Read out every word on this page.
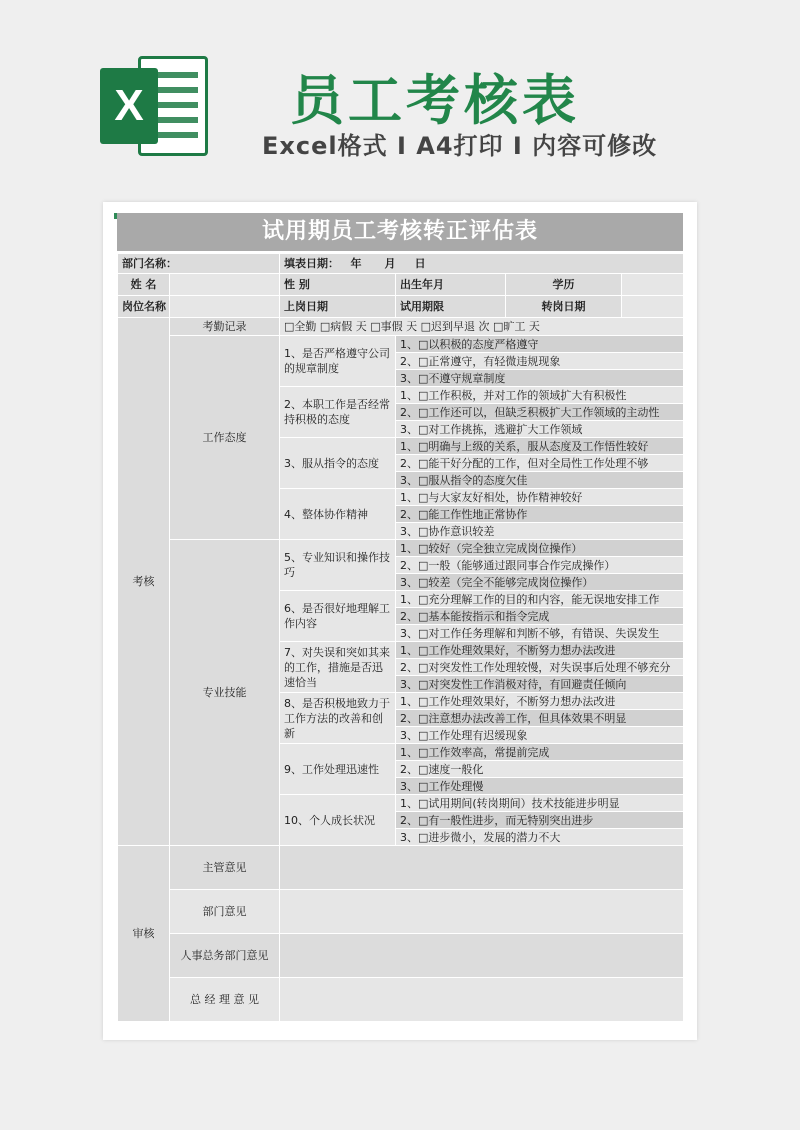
X	员工考核表
Excel格式 Ⅰ A4打印 Ⅰ 内容可修改
试用期员工考核转正评估表
部门名称：		填表日期： 年 月 日			
姓 名		性 别	出生年月	学历	
岗位名称		上岗日期	试用期限	转岗日期	
考核	考勤记录	□全勤 □病假 天 □事假 天 □迟到早退 次 □旷工 天			
	工作态度	1、是否严格遵守公司的规章制度	1、□以积极的态度严格遵守		
			2、□正常遵守，有轻微违规现象		
			3、□不遵守规章制度		
		2、本职工作是否经常持积极的态度	1、□工作积极，并对工作的领域扩大有积极性		
			2、□工作还可以，但缺乏积极扩大工作领域的主动性		
			3、□对工作挑拣，逃避扩大工作领域		
		3、服从指令的态度	1、□明确与上级的关系，服从态度及工作悟性较好		
			2、□能干好分配的工作，但对全局性工作处理不够		
			3、□服从指令的态度欠佳		
		4、整体协作精神	1、□与大家友好相处，协作精神较好		
			2、□能工作性地正常协作		
			3、□协作意识较差		
	专业技能	5、专业知识和操作技巧	1、□较好（完全独立完成岗位操作）		
			2、□一般（能够通过跟同事合作完成操作）		
			3、□较差（完全不能够完成岗位操作）		
		6、是否很好地理解工作内容	1、□充分理解工作的目的和内容，能无误地安排工作		
			2、□基本能按指示和指令完成		
			3、□对工作任务理解和判断不够，有错误、失误发生		
		7、对失误和突如其来的工作，措施是否迅速恰当	1、□工作处理效果好，不断努力想办法改进		
			2、□对突发性工作处理较慢，对失误事后处理不够充分		
			3、□对突发性工作消极对待，有回避责任倾向		
		8、是否积极地致力于工作方法的改善和创新	1、□工作处理效果好，不断努力想办法改进		
			2、□注意想办法改善工作，但具体效果不明显		
			3、□工作处理有迟缓现象		
		9、工作处理迅速性	1、□工作效率高，常提前完成		
			2、□速度一般化		
			3、□工作处理慢		
		10、个人成长状况	1、□试用期间(转岗期间）技术技能进步明显		
			2、□有一般性进步，而无特别突出进步		
			3、□进步微小，发展的潜力不大		
审核	主管意见				
	部门意见				
	人事总务部门意见				
	总 经 理 意 见				
